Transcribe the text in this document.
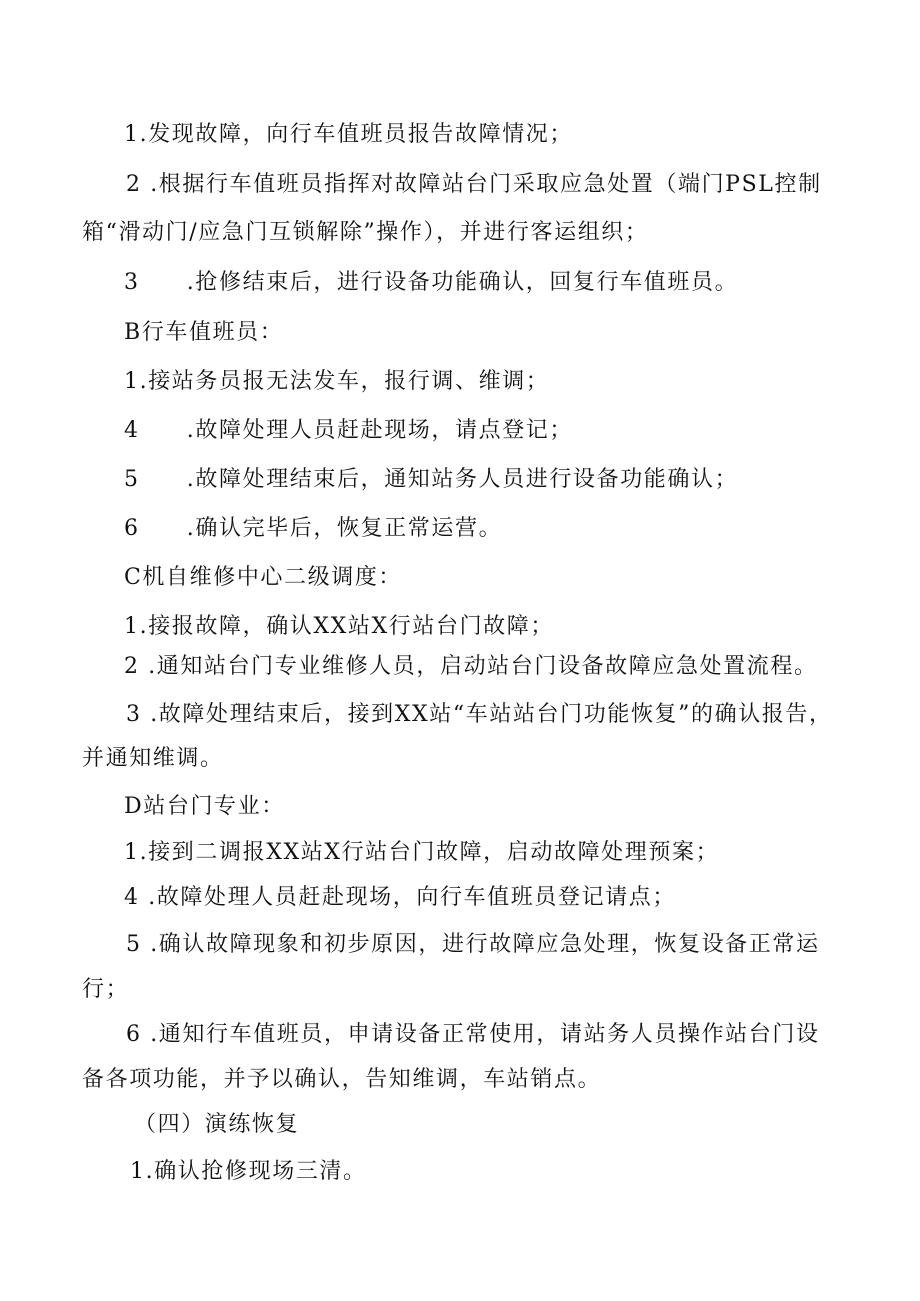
1.发现故障，向行车值班员报告故障情况；
2 .根据行车值班员指挥对故障站台门采取应急处置（端门PSL控制
箱“滑动门/应急门互锁解除”操作），并进行客运组织；
3　　.抢修结束后，进行设备功能确认，回复行车值班员。
B行车值班员：
1.接站务员报无法发车，报行调、维调；
4　　.故障处理人员赶赴现场，请点登记；
5　　.故障处理结束后，通知站务人员进行设备功能确认；
6　　.确认完毕后，恢复正常运营。
C机自维修中心二级调度：
1.接报故障，确认XX站X行站台门故障；
2 .通知站台门专业维修人员，启动站台门设备故障应急处置流程。
3 .故障处理结束后，接到XX站“车站站台门功能恢复”的确认报告，
并通知维调。
D站台门专业：
1.接到二调报XX站X行站台门故障，启动故障处理预案；
4 .故障处理人员赶赴现场，向行车值班员登记请点；
5 .确认故障现象和初步原因，进行故障应急处理，恢复设备正常运
行；
6 .通知行车值班员，申请设备正常使用，请站务人员操作站台门设
备各项功能，并予以确认，告知维调，车站销点。
（四）演练恢复
1.确认抢修现场三清。
